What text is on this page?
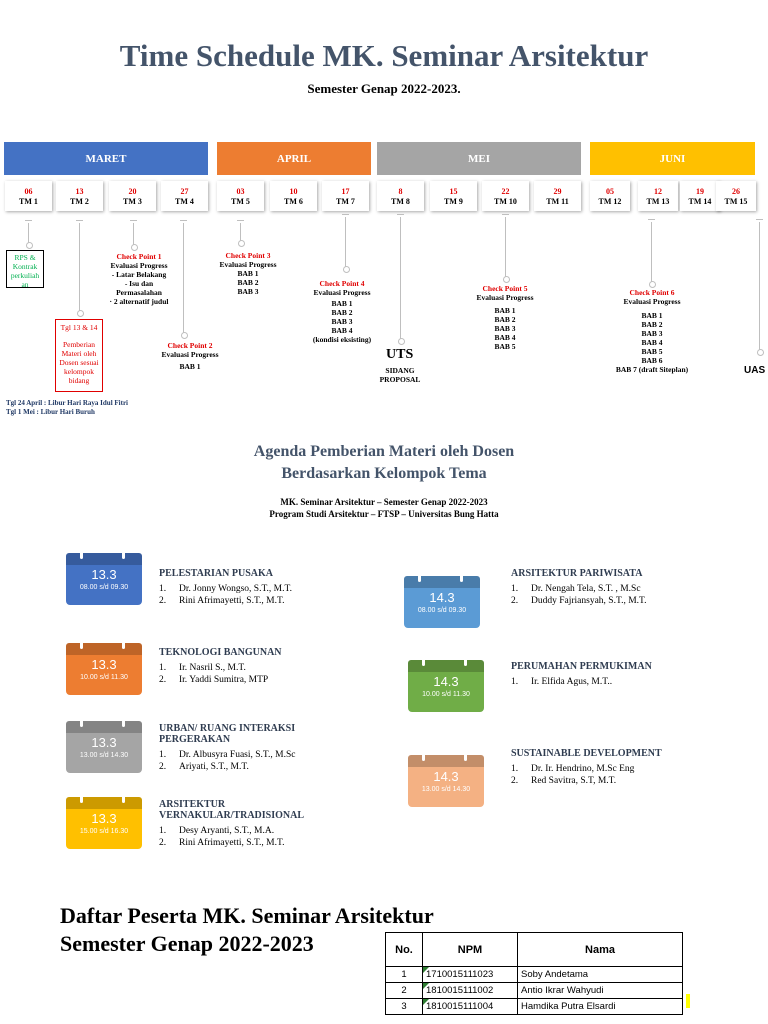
Time Schedule MK. Seminar Arsitektur
Semester Genap 2022-2023.
MARET	APRIL	MEI	JUNI
06
TM 1
13
TM 2
20
TM 3
27
TM 4
03
TM 5
10
TM 6
17
TM 7
8
TM 8
15
TM 9
22
TM 10
29
TM 11
05
TM 12
12
TM 13
19
TM 14
26
TM 15
RPS & Kontrak perkuliah an
Tgl 13 & 14
Pemberian Materi oleh Dosen sesuai kelompok bidang
Check Point 1
Evaluasi Progress
- Latar Belakang
- Isu dan Permasalahan
· 2 alternatif judul
Check Point 2
Evaluasi Progress
BAB 1
Check Point 3
Evaluasi Progress
BAB 1
BAB 2
BAB 3
Check Point 4
Evaluasi Progress
BAB 1
BAB 2
BAB 3
BAB 4
(kondisi eksisting)
UTS
SIDANG PROPOSAL
Check Point 5
Evaluasi Progress
BAB 1
BAB 2
BAB 3
BAB 4
BAB 5
Check Point 6
Evaluasi Progress
BAB 1
BAB 2
BAB 3
BAB 4
BAB 5
BAB 6
BAB 7 (draft Siteplan)	UAS
Tgl 24 April : Libur Hari Raya Idul Fitri
Tgl 1 Mei : Libur Hari Buruh
Agenda Pemberian Materi oleh Dosen
Berdasarkan Kelompok Tema
MK. Seminar Arsitektur – Semester Genap 2022-2023
Program Studi Arsitektur – FTSP – Universitas Bung Hatta
13.3
08.00 s/d 09.30
PELESTARIAN PUSAKA
1. Dr. Jonny Wongso, S.T., M.T.
2. Rini Afrimayetti, S.T., M.T.
13.3
10.00 s/d 11.30
TEKNOLOGI BANGUNAN
1. Ir. Nasril S., M.T.
2. Ir. Yaddi Sumitra, MTP
13.3
13.00 s/d 14.30
URBAN/ RUANG INTERAKSI PERGERAKAN
1. Dr. Albusyra Fuasi, S.T., M.Sc
2. Ariyati, S.T., M.T.
13.3
15.00 s/d 16.30
ARSITEKTUR VERNAKULAR/TRADISIONAL
1. Desy Aryanti, S.T., M.A.
2. Rini Afrimayetti, S.T., M.T.
14.3
08.00 s/d 09.30
ARSITEKTUR PARIWISATA
1. Dr. Nengah Tela, S.T. , M.Sc
2. Duddy Fajriansyah, S.T., M.T.
14.3
10.00 s/d 11.30
PERUMAHAN PERMUKIMAN
1. Ir. Elfida Agus, M.T..
14.3
13.00 s/d 14.30
SUSTAINABLE DEVELOPMENT
1. Dr. Ir. Hendrino, M.Sc Eng
2. Red Savitra, S.T, M.T.
Daftar Peserta MK. Seminar Arsitektur
Semester Genap 2022-2023	No.	NPM	Nama
1	1710015111023	Soby Andetama
2	1810015111002	Antio Ikrar Wahyudi
3	1810015111004	Hamdika Putra Elsardi
